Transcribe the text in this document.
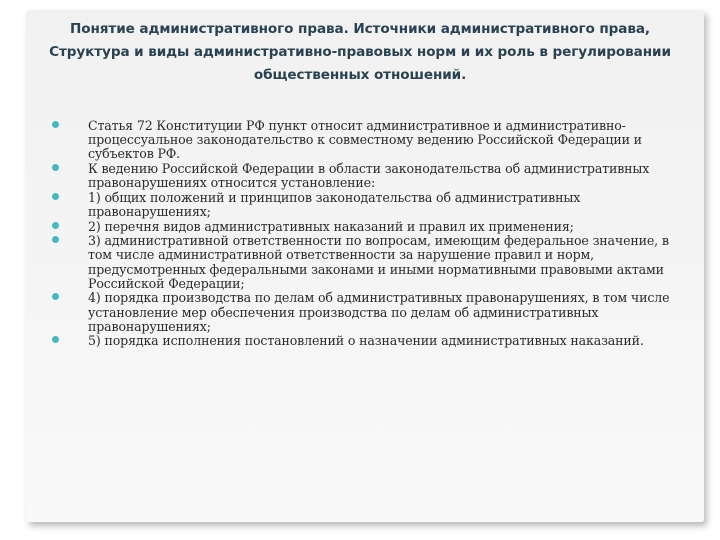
Понятие административного права. Источники административного права,
Структура и виды административно-правовых норм и их роль в регулировании
общественных отношений.
Статья 72 Конституции РФ пункт относит административное и административно-процессуальное законодательство к совместному ведению Российской Федерации и субъектов РФ.
К ведению Российской Федерации в области законодательства об административных правонарушениях относится установление:
1) общих положений и принципов законодательства об административных правонарушениях;
2) перечня видов административных наказаний и правил их применения;
3) административной ответственности по вопросам, имеющим федеральное значение, в том числе административной ответственности за нарушение правил и норм, предусмотренных федеральными законами и иными нормативными правовыми актами Российской Федерации;
4) порядка производства по делам об административных правонарушениях, в том числе установление мер обеспечения производства по делам об административных правонарушениях;
5) порядка исполнения постановлений о назначении административных наказаний.
